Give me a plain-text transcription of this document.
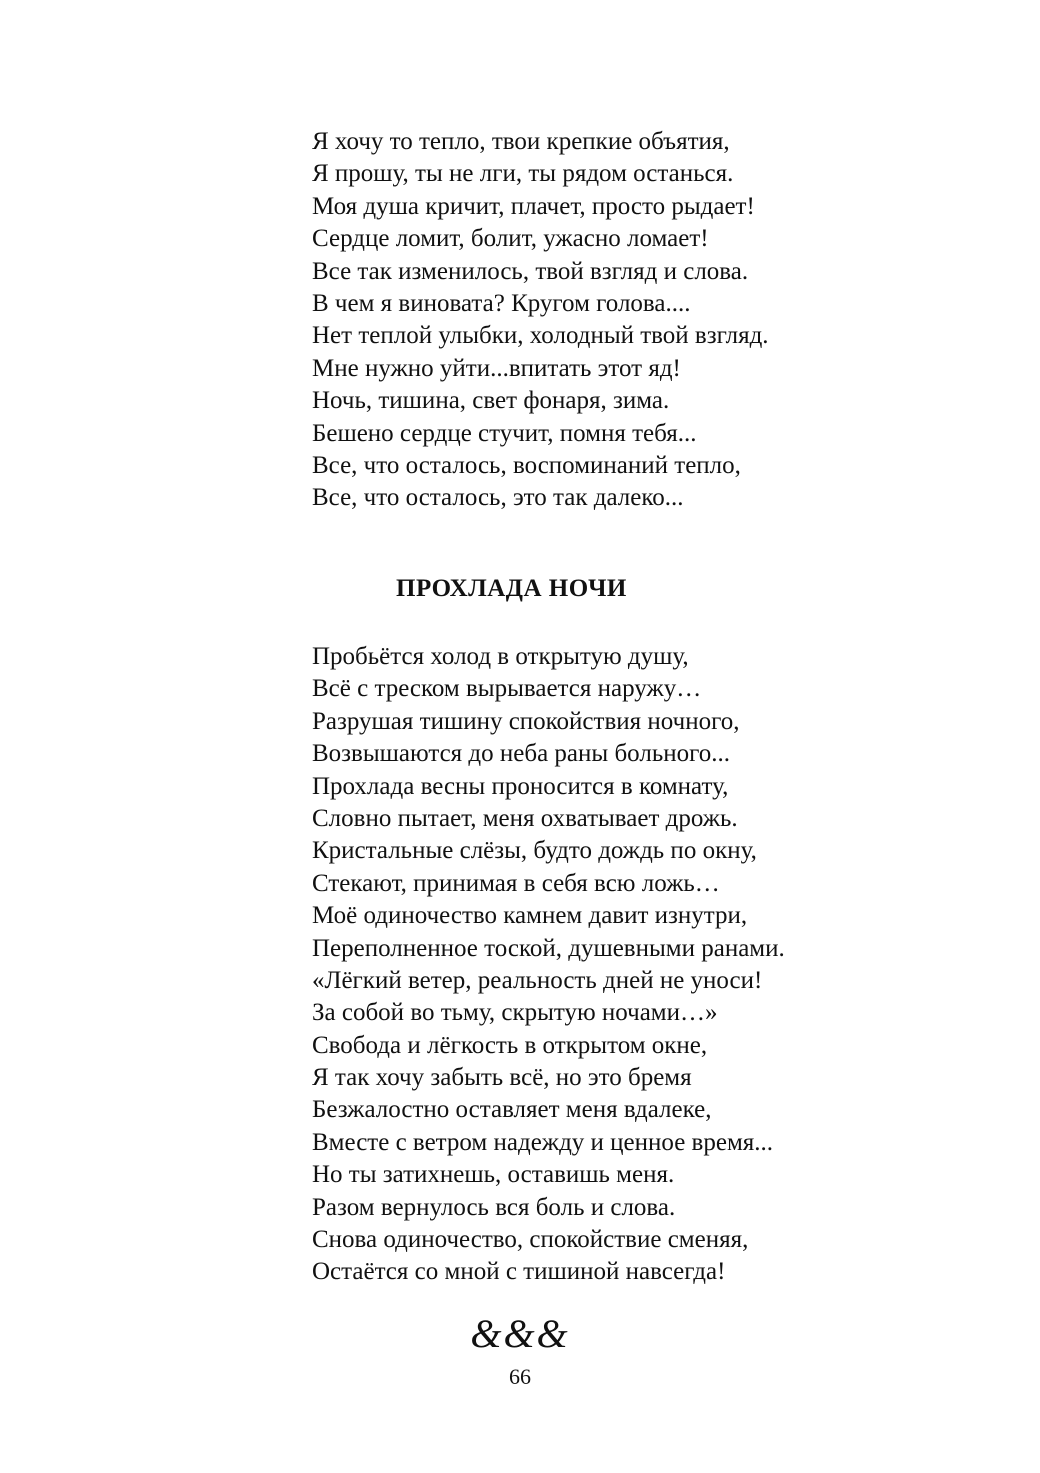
Я хочу то тепло, твои крепкие объятия,
Я прошу, ты не лги, ты рядом останься.
Моя душа кричит, плачет, просто рыдает!
Сердце ломит, болит, ужасно ломает!
Все так изменилось, твой взгляд и слова.
В чем я виновата? Кругом голова....
Нет теплой улыбки, холодный твой взгляд.
Мне нужно уйти...впитать этот яд!
Ночь, тишина, свет фонаря, зима.
Бешено сердце стучит, помня тебя...
Все, что осталось, воспоминаний тепло,
Все, что осталось, это так далеко...
ПРОХЛАДА НОЧИ
Пробьётся холод в открытую душу,
Всё с треском вырывается наружу…
Разрушая тишину спокойствия ночного,
Возвышаются до неба раны больного...
Прохлада весны проносится в комнату,
Словно пытает, меня охватывает дрожь.
Кристальные слёзы, будто дождь по окну,
Стекают, принимая в себя всю ложь…
Моё одиночество камнем давит изнутри,
Переполненное тоской, душевными ранами.
«Лёгкий ветер, реальность дней не уноси!
За собой во тьму, скрытую ночами…»
Свобода и лёгкость в открытом окне,
Я так хочу забыть всё, но это бремя
Безжалостно оставляет меня вдалеке,
Вместе с ветром надежду и ценное время...
Но ты затихнешь, оставишь меня.
Разом вернулось вся боль и слова.
Снова одиночество, спокойствие сменяя,
Остаётся со мной с тишиной навсегда!
&&&
66
